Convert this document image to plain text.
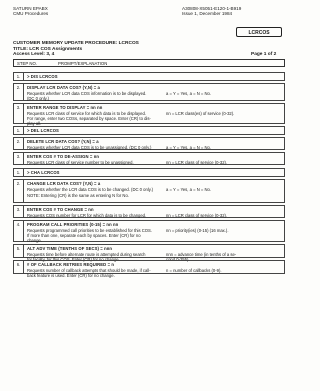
SATURN EPABX
CMU Procedures
A30808-X5051-E120-1-B919
Issue 1, December 1984
LCRCOS
CUSTOMER MEMORY UPDATE PROCEDURE: LCRCOS
TITLE: LCR COS Assignments
Access Level: 3, 4	Page 1 of 2
STEP NO.	PROMPT/EXPLANATION
1.	> DIS LCRCOS
2.	DISPLAY LCR DATA COS? (Y,N) = a
Requests whether LCR data COS information is to be displayed.
(DC 0 only.)
a = Y = Yes, a = N = No.
3.	ENTER RANGE TO DISPLAY = nn nn
Requests LCR class of service for which data is to be displayed.
For range, enter two COSs, separated by space. Enter (CR) to dis-
play all.
nn = LCR class(es) of service (0-32).
1.	> DEL LCRCOS
2.	DELETE LCR DATA COS? (Y,N) = a
Requests whether LCR data COS is to be unassigned. (DC 0 only.)	a = Y = Yes, a = N = No.
3.	ENTER COS # TO DE-ASSIGN = nn
Requests LCR class of service number to be unassigned.	nn = LCR class of service (0-32).
1.	> CHA LCRCOS
2.	CHANGE LCR DATA COS? (Y,N) = a
Requests whether the LCR data COS is to be changed. (DC 0 only.)
NOTE: Entering (CR) is the same as entering N for No.
a = Y = Yes, a = N = No.
3.	ENTER COS # TO CHANGE = nn
Requests COS number for LCR for which data is to be changed.	nn = LCR class of service (0-32).
4.	PROGRAM CALL PRIORITIES (0-15) = nn nn
Requests programmed call priorities to be established for this COS.
If more than one, separate each by spaces. Enter (CR) for no
change.
nn = priority(ies) (0-15) (16 max.).
5.	ALT ADV TIME (TENTHS OF SECS) = nnn
Requests time before alternate route is attempted during search
for facility, for this COS. Enter (CR) for no change.
nnn = advance time (in tenths of a se-
cond 0-255).
6.	# OF CALLBACK RETRIES REQUIRED = n
Requests number of callback attempts that should be made, if call-
back feature is used. Enter (CR) for no change.
n = number of callbacks (0-9).
